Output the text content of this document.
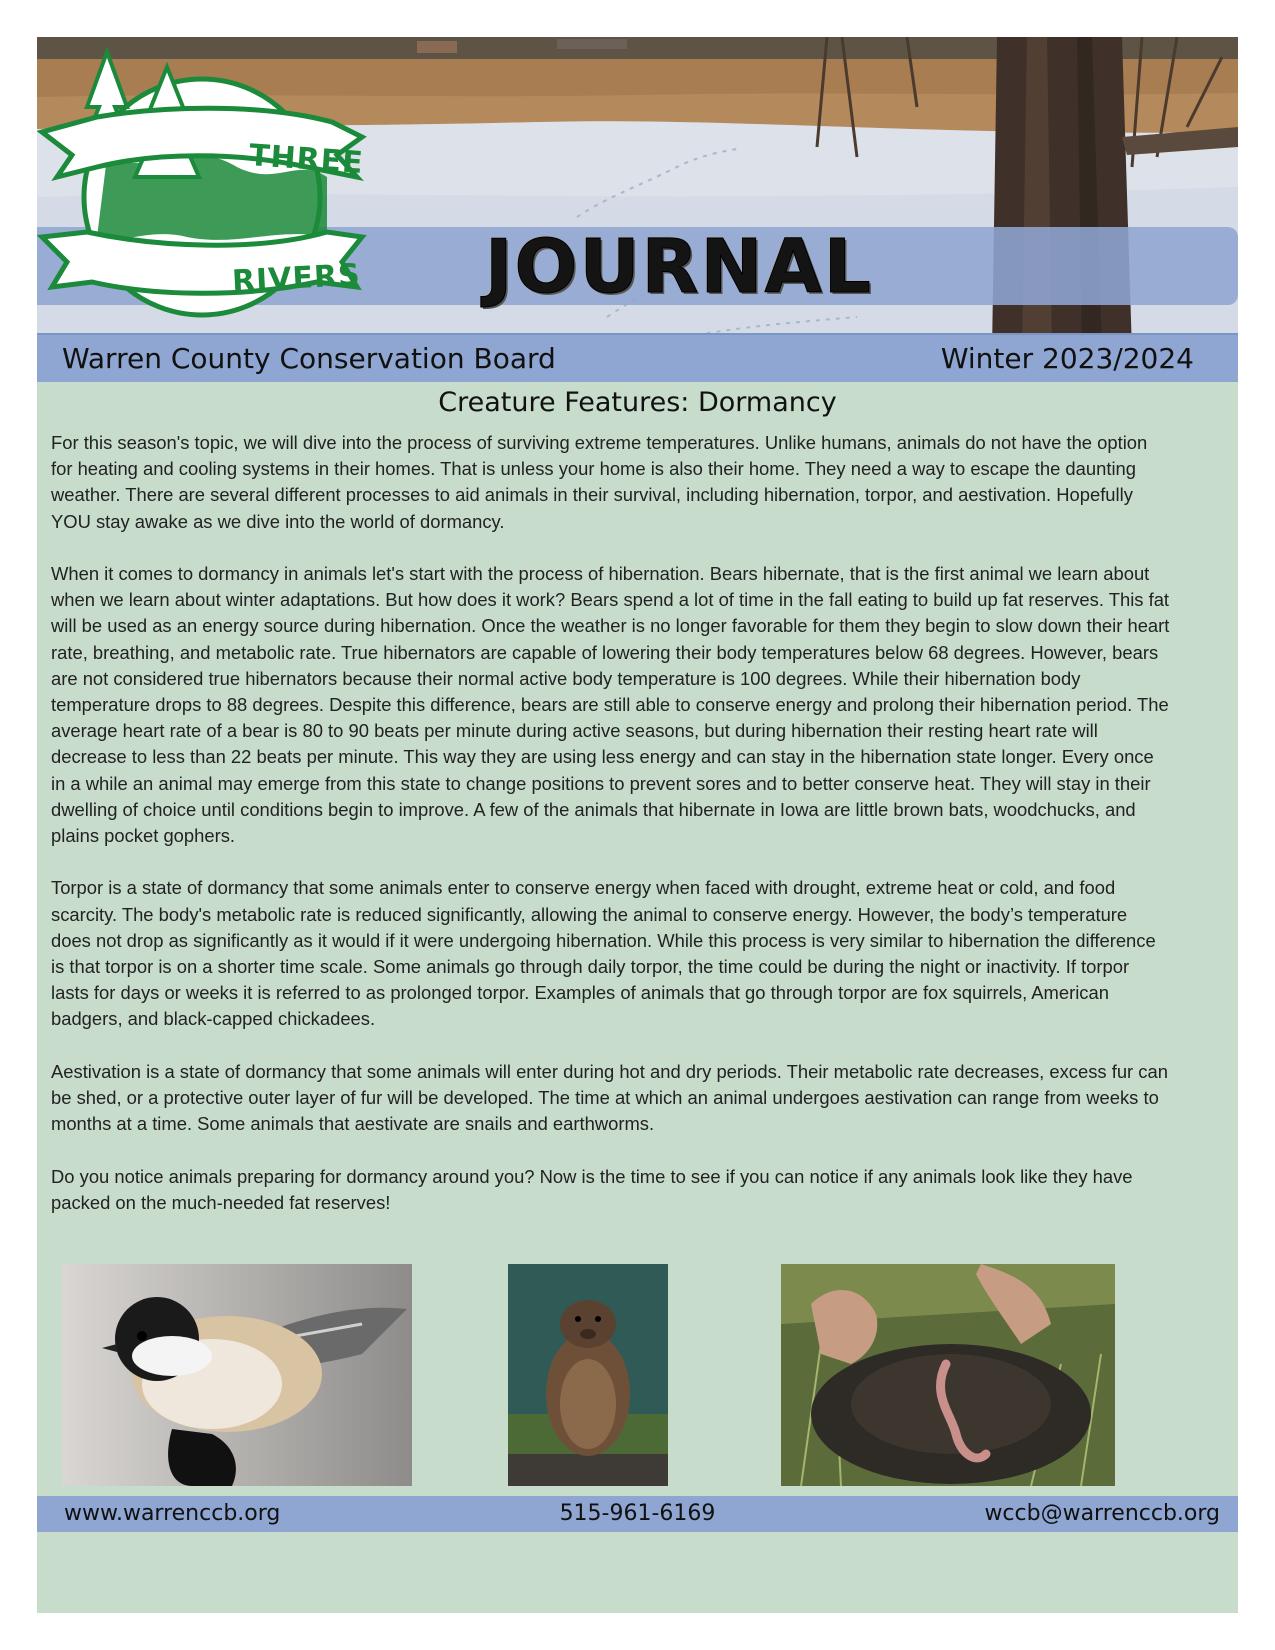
THREE
RIVERS JOURNAL
Warren County Conservation Board	Winter 2023/2024
Creature Features: Dormancy

For this season's topic, we will dive into the process of surviving extreme temperatures. Unlike humans, animals do not have the option for heating and cooling systems in their homes. That is unless your home is also their home. They need a way to escape the daunting weather. There are several different processes to aid animals in their survival, including hibernation, torpor, and aestivation. Hopefully YOU stay awake as we dive into the world of dormancy.

When it comes to dormancy in animals let's start with the process of hibernation. Bears hibernate, that is the first animal we learn about when we learn about winter adaptations. But how does it work? Bears spend a lot of time in the fall eating to build up fat reserves. This fat will be used as an energy source during hibernation. Once the weather is no longer favorable for them they begin to slow down their heart rate, breathing, and metabolic rate. True hibernators are capable of lowering their body temperatures below 68 degrees. However, bears are not considered true hibernators because their normal active body temperature is 100 degrees. While their hibernation body temperature drops to 88 degrees. Despite this difference, bears are still able to conserve energy and prolong their hibernation period. The average heart rate of a bear is 80 to 90 beats per minute during active seasons, but during hibernation their resting heart rate will decrease to less than 22 beats per minute. This way they are using less energy and can stay in the hibernation state longer. Every once in a while an animal may emerge from this state to change positions to prevent sores and to better conserve heat. They will stay in their dwelling of choice until conditions begin to improve. A few of the animals that hibernate in Iowa are little brown bats, woodchucks, and plains pocket gophers.

Torpor is a state of dormancy that some animals enter to conserve energy when faced with drought, extreme heat or cold, and food scarcity. The body's metabolic rate is reduced significantly, allowing the animal to conserve energy. However, the body’s temperature does not drop as significantly as it would if it were undergoing hibernation. While this process is very similar to hibernation the difference is that torpor is on a shorter time scale. Some animals go through daily torpor, the time could be during the night or inactivity. If torpor lasts for days or weeks it is referred to as prolonged torpor. Examples of animals that go through torpor are fox squirrels, American badgers, and black-capped chickadees.

Aestivation is a state of dormancy that some animals will enter during hot and dry periods. Their metabolic rate decreases, excess fur can be shed, or a protective outer layer of fur will be developed. The time at which an animal undergoes aestivation can range from weeks to months at a time. Some animals that aestivate are snails and earthworms.

Do you notice animals preparing for dormancy around you? Now is the time to see if you can notice if any animals look like they have packed on the much-needed fat reserves!

www.warrenccb.org	515-961-6169	wccb@warrenccb.org
